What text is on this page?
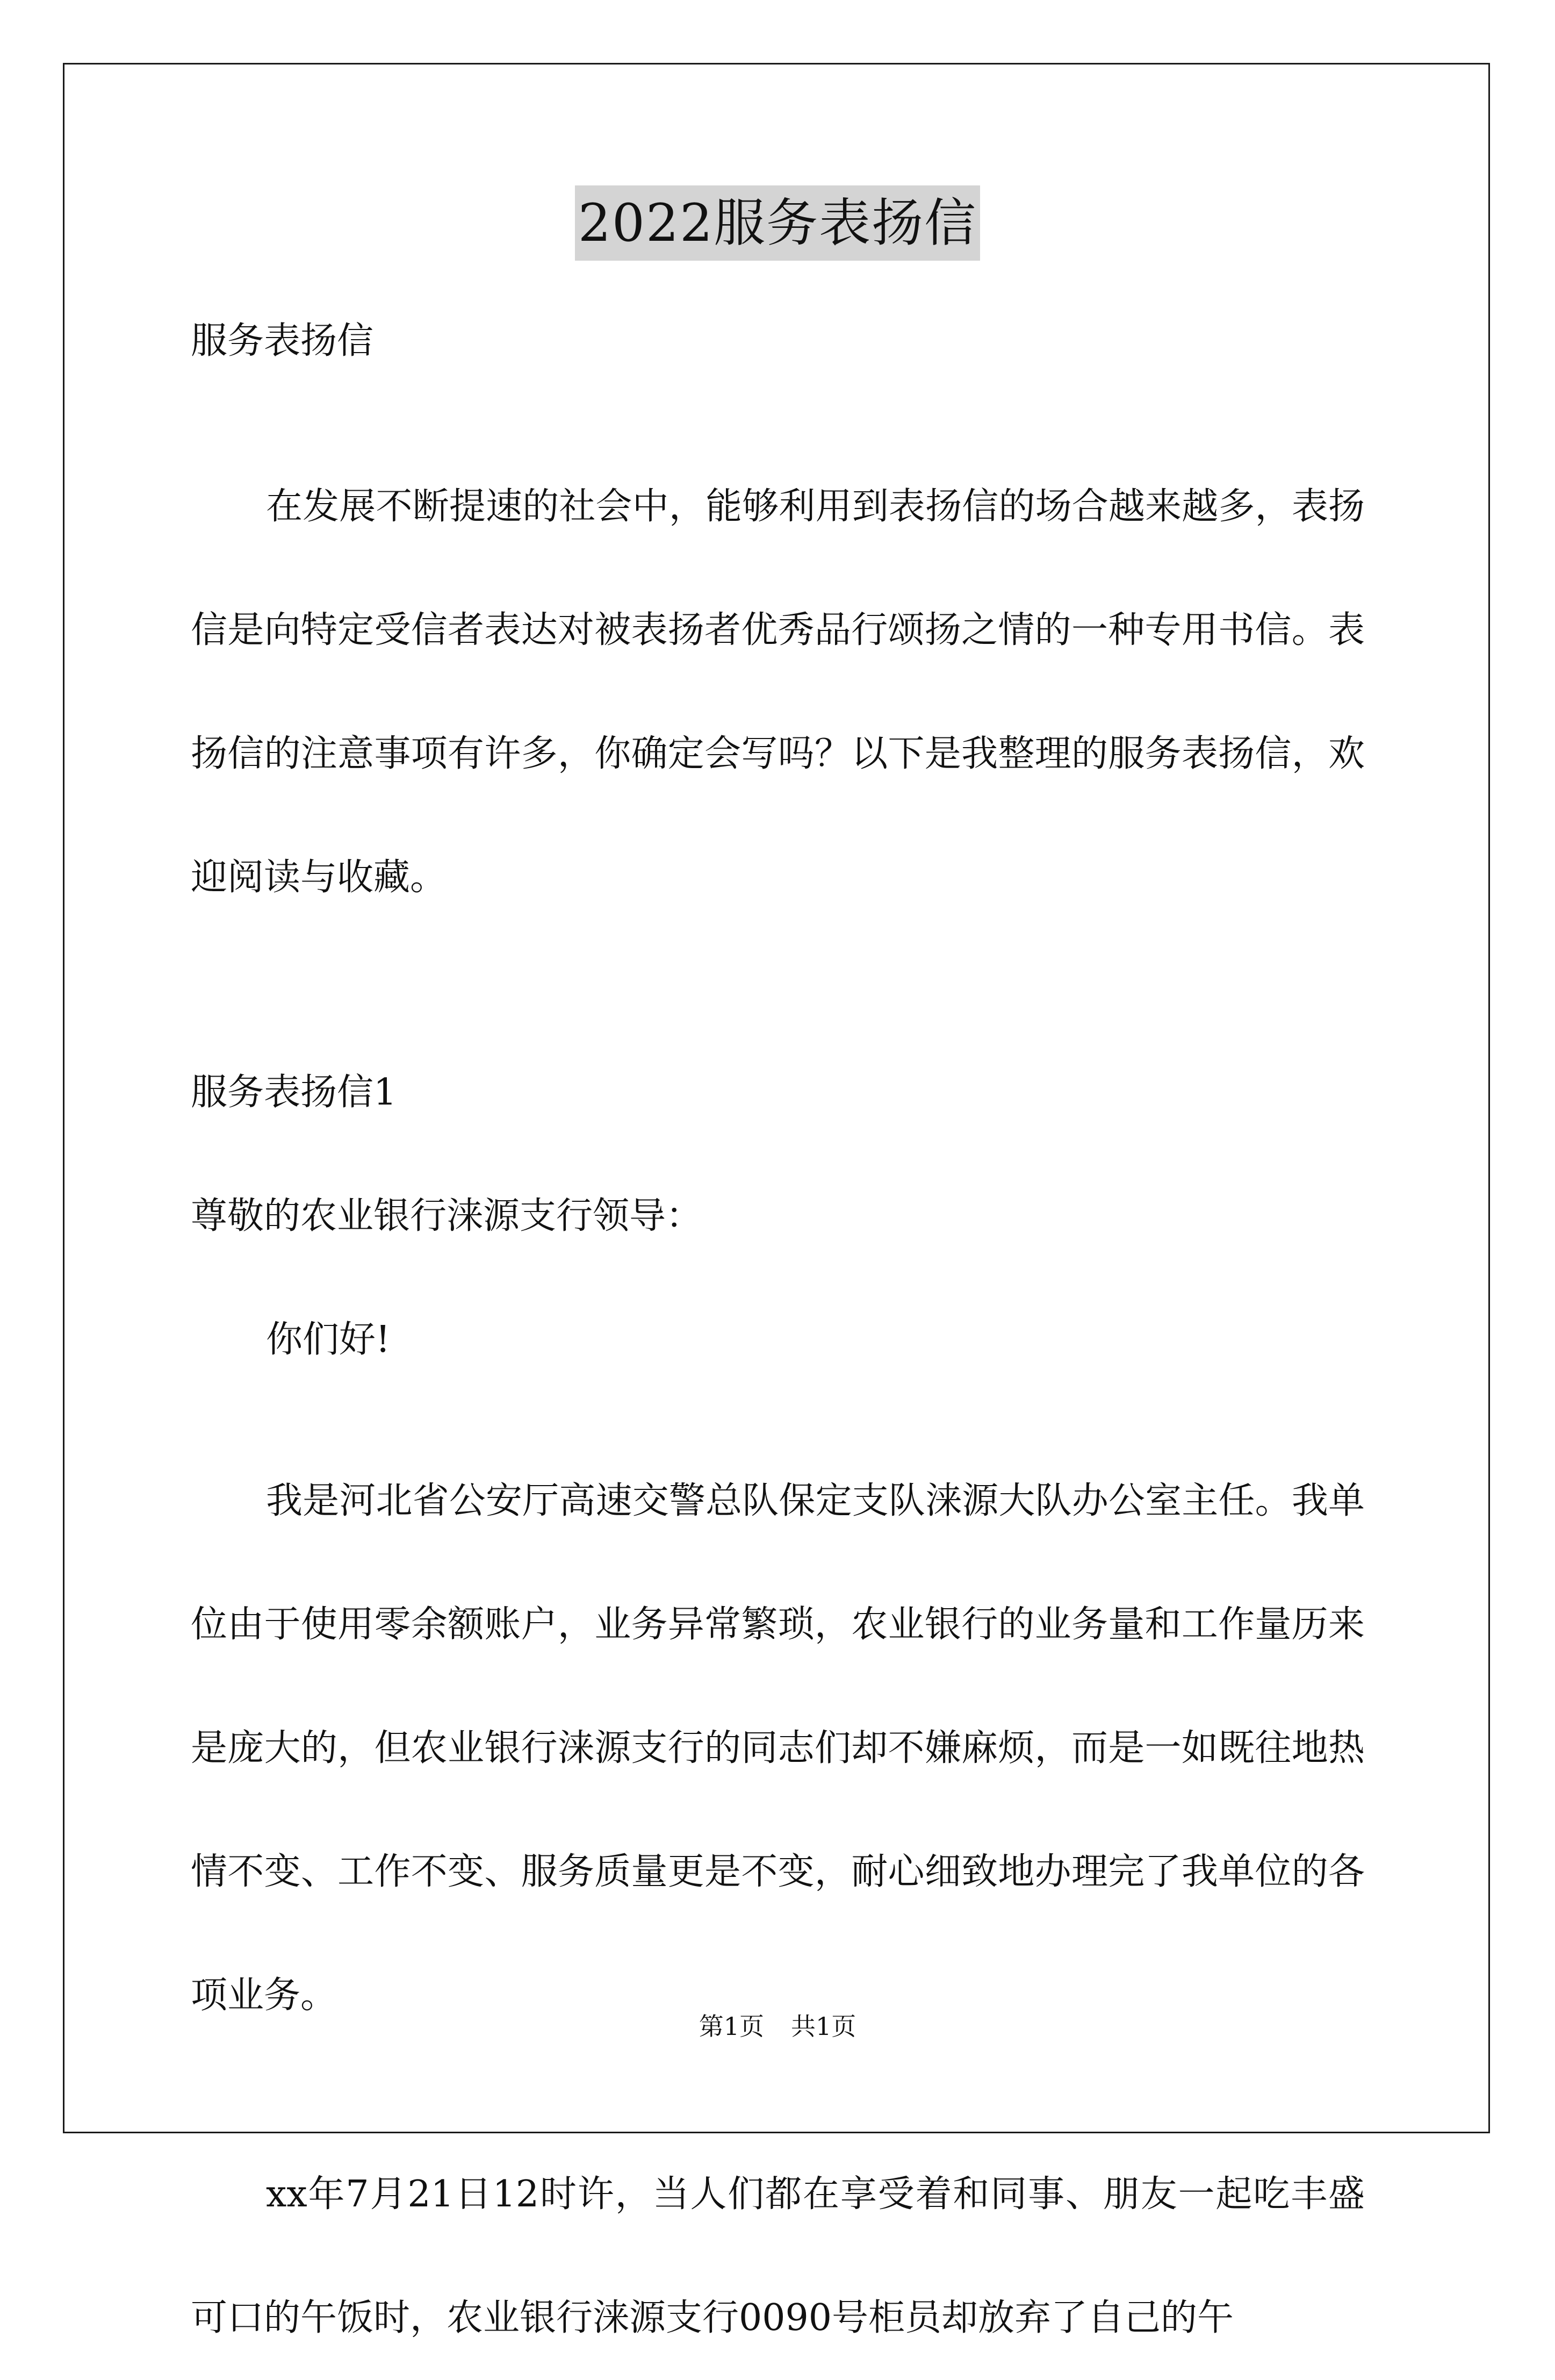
2022服务表扬信

服务表扬信

在发展不断提速的社会中，能够利用到表扬信的场合越来越多，表扬信是向特定受信者表达对被表扬者优秀品行颂扬之情的一种专用书信。表扬信的注意事项有许多，你确定会写吗？以下是我整理的服务表扬信，欢迎阅读与收藏。

服务表扬信1

尊敬的农业银行涞源支行领导：

你们好!

我是河北省公安厅高速交警总队保定支队涞源大队办公室主任。我单位由于使用零余额账户，业务异常繁琐，农业银行的业务量和工作量历来是庞大的，但农业银行涞源支行的同志们却不嫌麻烦，而是一如既往地热情不变、工作不变、服务质量更是不变，耐心细致地办理完了我单位的各项业务。

xx年7月21日12时许，当人们都在享受着和同事、朋友一起吃丰盛可口的午饭时，农业银行涞源支行0090号柜员却放弃了自己的午

第1页 共1页
